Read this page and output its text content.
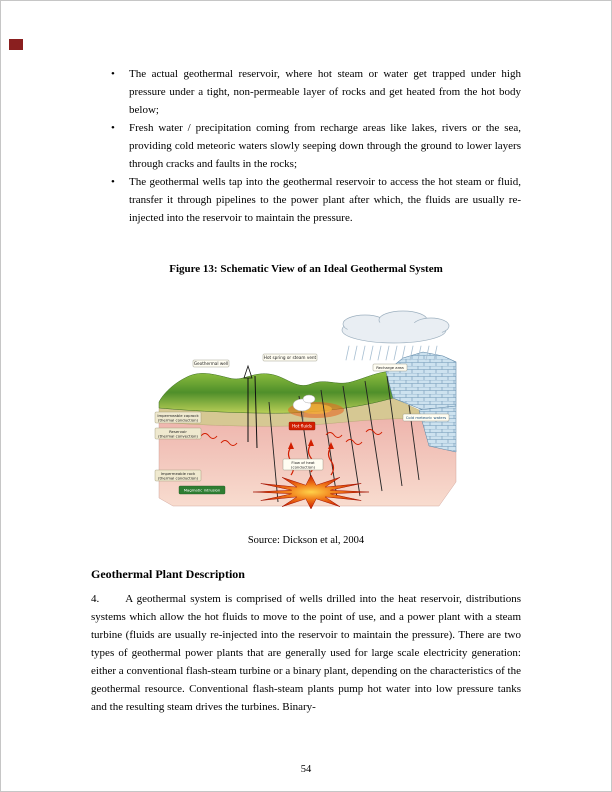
•	The actual geothermal reservoir, where hot steam or water get trapped under high pressure under a tight, non-permeable layer of rocks and get heated from the hot body below;
•	Fresh water / precipitation coming from recharge areas like lakes, rivers or the sea, providing cold meteoric waters slowly seeping down through the ground to lower layers through cracks and faults in the rocks;
•	The geothermal wells tap into the geothermal reservoir to access the hot steam or fluid, transfer it through pipelines to the power plant after which, the fluids are usually re-injected into the reservoir to maintain the pressure.

Figure 13: Schematic View of an Ideal Geothermal System

Geothermal well
Hot spring or steam vent
Recharge area
Cold meteoric waters
Impermeable caprock
(thermal conduction)
Reservoir
(thermal convection)
Hot fluids
Impermeable rock
(thermal conduction)
Flow of heat
(conduction)
Magmatic intrusion

Source: Dickson et al, 2004

Geothermal Plant Description

4. A geothermal system is comprised of wells drilled into the heat reservoir, distributions systems which allow the hot fluids to move to the point of use, and a power plant with a steam turbine (fluids are usually re-injected into the reservoir to maintain the pressure). There are two types of geothermal power plants that are generally used for large scale electricity generation: either a conventional flash-steam turbine or a binary plant, depending on the characteristics of the geothermal resource. Conventional flash-steam plants pump hot water into low pressure tanks and the resulting steam drives the turbines. Binary-

54
